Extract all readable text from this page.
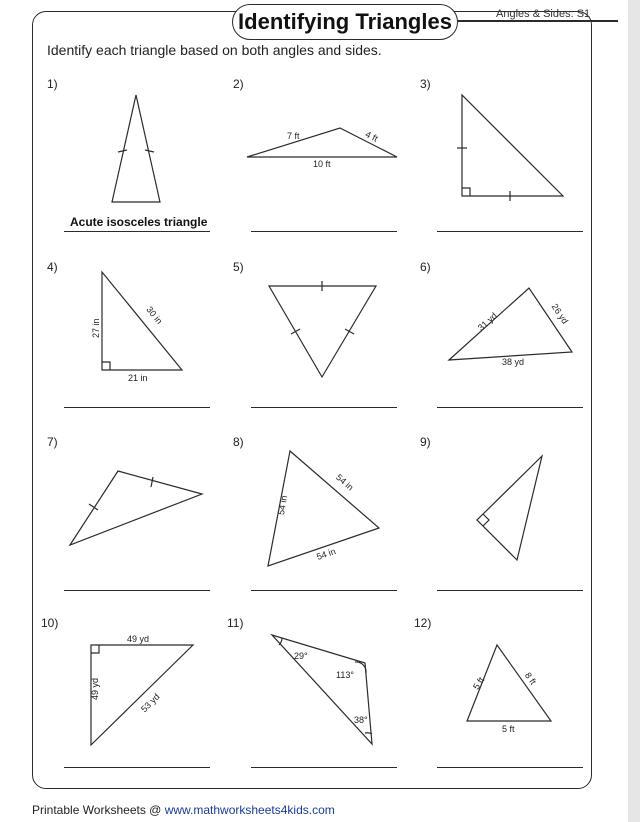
Identifying Triangles	Angles & Sides: S1
Identify each triangle based on both angles and sides.
1)	2)	3)
4)	5)	6)
7)	8)	9)
10)	11)	12)
Acute isosceles triangle
7 ft	4 ft
10 ft
27 in
30 in
21 in
31 yd	26 yd
38 yd
54 in
54 in
54 in
49 yd
49 yd
53 yd
29°
113°
38°
5 ft	8 ft
5 ft
Printable Worksheets @ www.mathworksheets4kids.com
